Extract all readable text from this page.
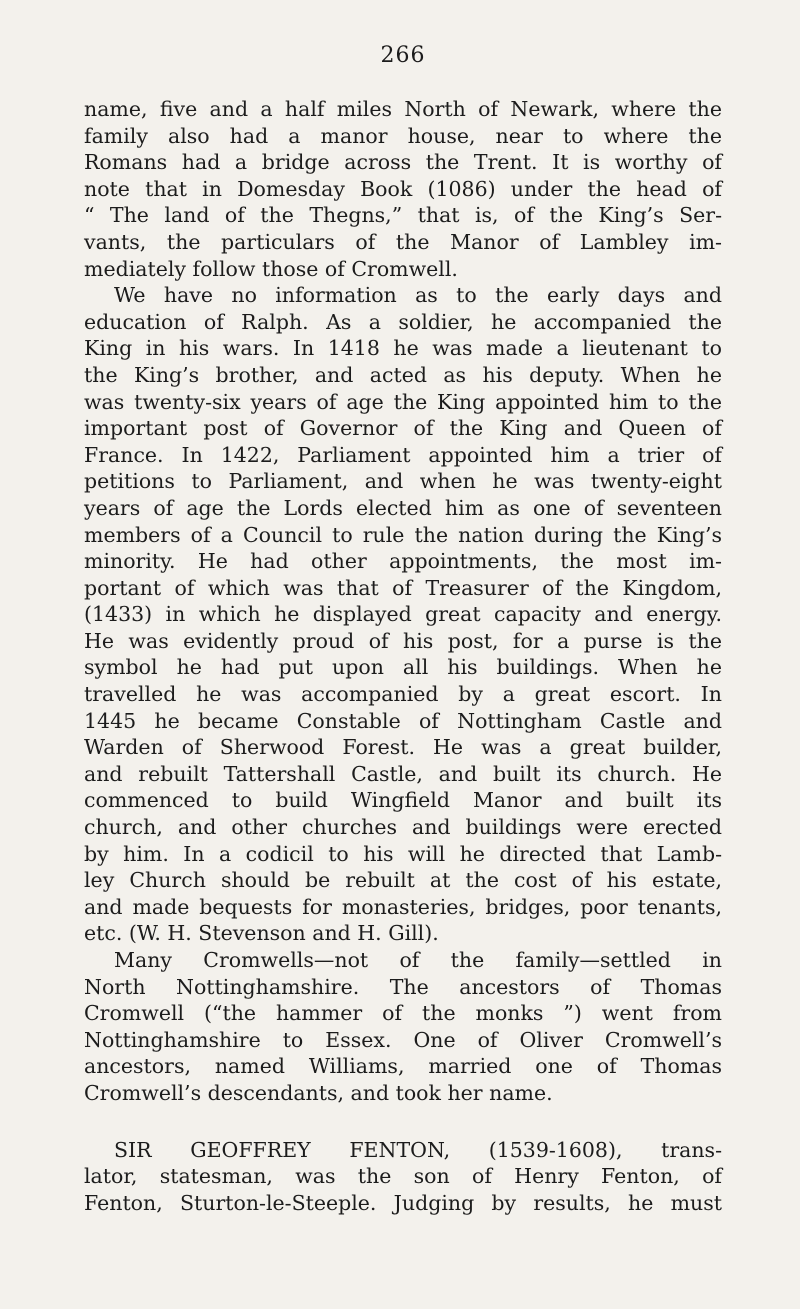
266
name, five and a half miles North of Newark, where the
family also had a manor house, near to where the
Romans had a bridge across the Trent. It is worthy of
note that in Domesday Book (1086) under the head of
“ The land of the Thegns,” that is, of the King’s Ser-
vants, the particulars of the Manor of Lambley im-
mediately follow those of Cromwell.
We have no information as to the early days and
education of Ralph. As a soldier, he accompanied the
King in his wars. In 1418 he was made a lieutenant to
the King’s brother, and acted as his deputy. When he
was twenty-six years of age the King appointed him to the
important post of Governor of the King and Queen of
France. In 1422, Parliament appointed him a trier of
petitions to Parliament, and when he was twenty-eight
years of age the Lords elected him as one of seventeen
members of a Council to rule the nation during the King’s
minority. He had other appointments, the most im-
portant of which was that of Treasurer of the Kingdom,
(1433) in which he displayed great capacity and energy.
He was evidently proud of his post, for a purse is the
symbol he had put upon all his buildings. When he
travelled he was accompanied by a great escort. In
1445 he became Constable of Nottingham Castle and
Warden of Sherwood Forest. He was a great builder,
and rebuilt Tattershall Castle, and built its church. He
commenced to build Wingfield Manor and built its
church, and other churches and buildings were erected
by him. In a codicil to his will he directed that Lamb-
ley Church should be rebuilt at the cost of his estate,
and made bequests for monasteries, bridges, poor tenants,
etc. (W. H. Stevenson and H. Gill).
Many Cromwells—not of the family—settled in
North Nottinghamshire. The ancestors of Thomas
Cromwell (“the hammer of the monks ”) went from
Nottinghamshire to Essex. One of Oliver Cromwell’s
ancestors, named Williams, married one of Thomas
Cromwell’s descendants, and took her name.
SIR GEOFFREY FENTON, (1539-1608), trans-
lator, statesman, was the son of Henry Fenton, of
Fenton, Sturton-le-Steeple. Judging by results, he must
